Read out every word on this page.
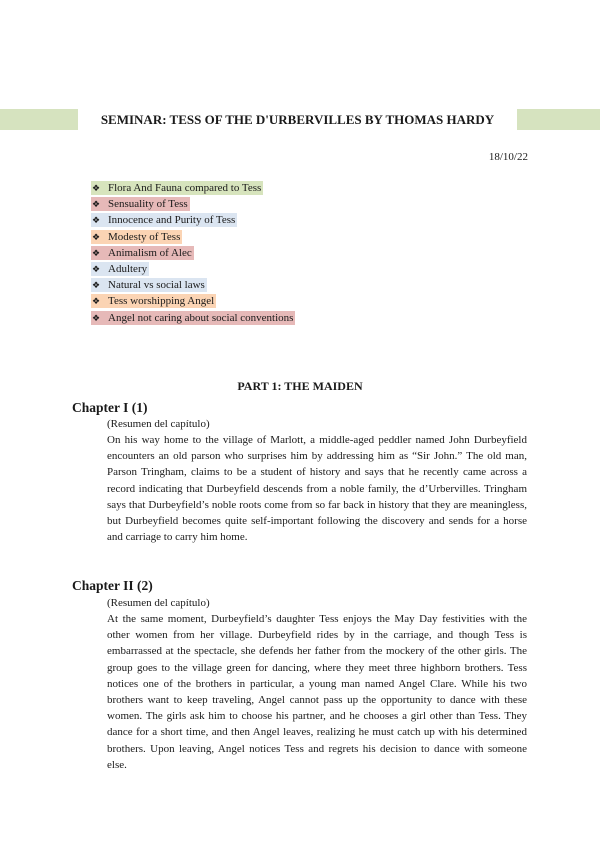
SEMINAR: TESS OF THE D'URBERVILLES BY THOMAS HARDY
18/10/22
❖ Flora And Fauna compared to Tess
❖ Sensuality of Tess
❖ Innocence and Purity of Tess
❖ Modesty of Tess
❖ Animalism of Alec
❖ Adultery
❖ Natural vs social laws
❖ Tess worshipping Angel
❖ Angel not caring about social conventions
PART 1: THE MAIDEN
Chapter I (1)
(Resumen del capítulo)

On his way home to the village of Marlott, a middle-aged peddler named John Durbeyfield encounters an old parson who surprises him by addressing him as “Sir John.” The old man, Parson Tringham, claims to be a student of history and says that he recently came across a record indicating that Durbeyfield descends from a noble family, the d’Urbervilles. Tringham says that Durbeyfield’s noble roots come from so far back in history that they are meaningless, but Durbeyfield becomes quite self-important following the discovery and sends for a horse and carriage to carry him home.

Chapter II (2)
(Resumen del capítulo)

At the same moment, Durbeyfield’s daughter Tess enjoys the May Day festivities with the other women from her village. Durbeyfield rides by in the carriage, and though Tess is embarrassed at the spectacle, she defends her father from the mockery of the other girls. The group goes to the village green for dancing, where they meet three highborn brothers. Tess notices one of the brothers in particular, a young man named Angel Clare. While his two brothers want to keep traveling, Angel cannot pass up the opportunity to dance with these women. The girls ask him to choose his partner, and he chooses a girl other than Tess. They dance for a short time, and then Angel leaves, realizing he must catch up with his determined brothers. Upon leaving, Angel notices Tess and regrets his decision to dance with someone else.
